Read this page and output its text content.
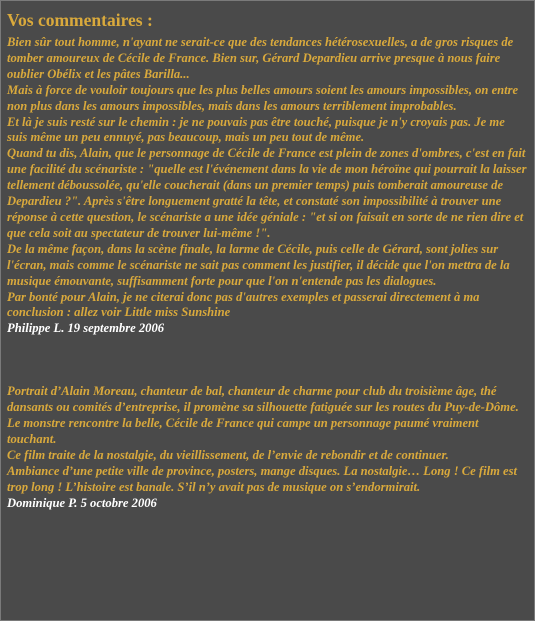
Vos commentaires :

Bien sûr tout homme, n'ayant ne serait-ce que des tendances hétérosexuelles, a de gros risques de tomber amoureux de Cécile de France. Bien sur, Gérard Depardieu arrive presque à nous faire oublier Obélix et les pâtes Barilla...

Mais à force de vouloir toujours que les plus belles amours soient les amours impossibles, on entre non plus dans les amours impossibles, mais dans les amours terriblement improbables.

Et là je suis resté sur le chemin : je ne pouvais pas être touché, puisque je n'y croyais pas. Je me suis même un peu ennuyé, pas beaucoup, mais un peu tout de même.

Quand tu dis, Alain, que le personnage de Cécile de France est plein de zones d'ombres, c'est en fait une facilité du scénariste : "quelle est l'événement dans la vie de mon héroïne qui pourrait la laisser tellement déboussolée, qu'elle coucherait (dans un premier temps) puis tomberait amoureuse de Depardieu ?". Après s'être longuement gratté la tête, et constaté son impossibilité à trouver une réponse à cette question, le scénariste a une idée géniale : "et si on faisait en sorte de ne rien dire et que cela soit au spectateur de trouver lui-même !".

De la même façon, dans la scène finale, la larme de Cécile, puis celle de Gérard, sont jolies sur l'écran, mais comme le scénariste ne sait pas comment les justifier, il décide que l'on mettra de la musique émouvante, suffisamment forte pour que l'on n'entende pas les dialogues.

Par bonté pour Alain, je ne citerai donc pas d'autres exemples et passerai directement à ma conclusion : allez voir Little miss Sunshine

Philippe L. 19 septembre 2006

Portrait d’Alain Moreau, chanteur de bal, chanteur de charme pour club du troisième âge, thé dansants ou comités d’entreprise, il promène sa silhouette fatiguée sur les routes du Puy-de-Dôme. Le monstre rencontre la belle, Cécile de France qui campe un personnage paumé vraiment touchant.

Ce film traite de la nostalgie, du vieillissement, de l’envie de rebondir et de continuer.

Ambiance d’une petite ville de province, posters, mange disques. La nostalgie… Long ! Ce film est trop long ! L’histoire est banale. S’il n’y avait pas de musique on s’endormirait.

Dominique P. 5 octobre 2006
